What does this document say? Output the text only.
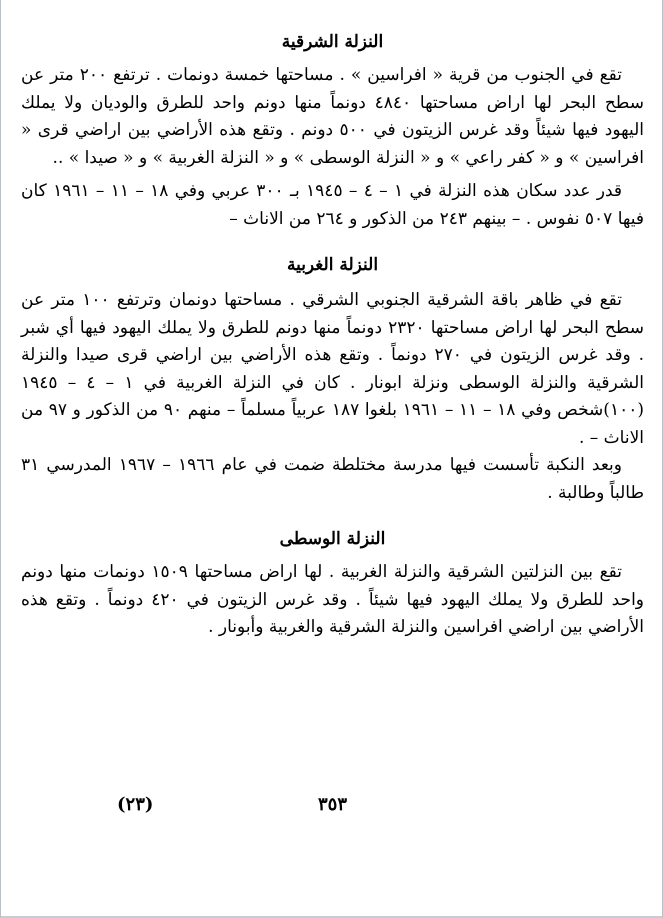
النزلة الشرقية

تقع في الجنوب من قرية « افراسين » . مساحتها خمسة دونمات . ترتفع ٢٠٠ متر عن سطح البحر لها اراض مساحتها ٤٨٤٠ دونماً منها دونم واحد للطرق والوديان ولا يملك اليهود فيها شيئاً وقد غرس الزيتون في ٥٠٠ دونم . وتقع هذه الأراضي بين اراضي قرى « افراسين » و « كفر راعي » و « النزلة الوسطى » و « النزلة الغربية » و « صيدا » ..

قدر عدد سكان هذه النزلة في ١ – ٤ – ١٩٤٥ بـ ٣٠٠ عربي وفي ١٨ – ١١ – ١٩٦١ كان فيها ٥٠٧ نفوس . – بينهم ٢٤٣ من الذكور و ٢٦٤ من الاناث –

النزلة الغربية

تقع في ظاهر باقة الشرقية الجنوبي الشرقي . مساحتها دونمان وترتفع ١٠٠ متر عن سطح البحر لها اراض مساحتها ٢٣٢٠ دونماً منها دونم للطرق ولا يملك اليهود فيها أي شبر . وقد غرس الزيتون في ٢٧٠ دونماً . وتقع هذه الأراضي بين اراضي قرى صيدا والنزلة الشرقية والنزلة الوسطى ونزلة ابونار . كان في النزلة الغربية في ١ – ٤ – ١٩٤٥ (١٠٠)شخص وفي ١٨ – ١١ – ١٩٦١ بلغوا ١٨٧ عربياً مسلماً – منهم ٩٠ من الذكور و ٩٧ من الاناث – .

وبعد النكبة تأسست فيها مدرسة مختلطة ضمت في عام ١٩٦٦ – ١٩٦٧ المدرسي ٣١ طالباً وطالبة .

النزلة الوسطى

تقع بين النزلتين الشرقية والنزلة الغربية . لها اراض مساحتها ١٥٠٩ دونمات منها دونم واحد للطرق ولا يملك اليهود فيها شيئاً . وقد غرس الزيتون في ٤٢٠ دونماً . وتقع هذه الأراضي بين اراضي افراسين والنزلة الشرقية والغربية وأبونار .

٣٥٣
(٢٣)
